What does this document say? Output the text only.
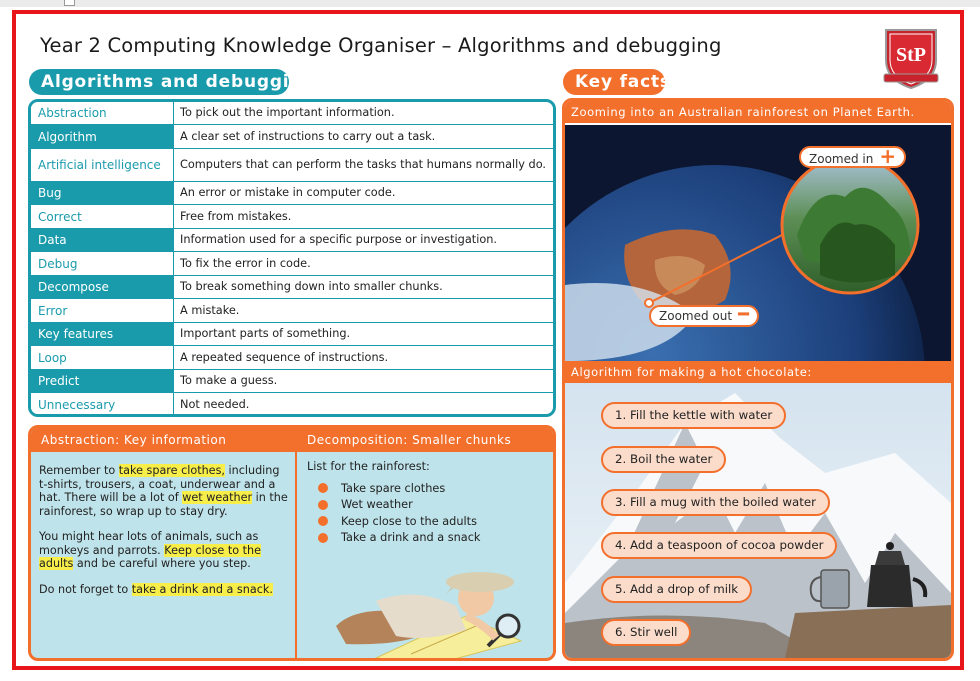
Year 2 Computing Knowledge Organiser – Algorithms and debugging	StP
Algorithms and debugging	Key facts
Abstraction	To pick out the important information.
Algorithm	A clear set of instructions to carry out a task.
Artificial intelligence	Computers that can perform the tasks that humans normally do.
Bug	An error or mistake in computer code.
Correct	Free from mistakes.
Data	Information used for a specific purpose or investigation.
Debug	To fix the error in code.
Decompose	To break something down into smaller chunks.
Error	A mistake.
Key features	Important parts of something.
Loop	A repeated sequence of instructions.
Predict	To make a guess.
Unnecessary	Not needed.
Abstraction: Key information	Decomposition: Smaller chunks

Remember to take spare clothes, including t-shirts, trousers, a coat, underwear and a hat. There will be a lot of wet weather in the rainforest, so wrap up to stay dry.

You might hear lots of animals, such as monkeys and parrots. Keep close to the adults and be careful where you step.

Do not forget to take a drink and a snack.

List for the rainforest:
Take spare clothes
Wet weather
Keep close to the adults
Take a drink and a snack
Zooming into an Australian rainforest on Planet Earth.
Zoomed in +
Zoomed out ━
Algorithm for making a hot chocolate:
1. Fill the kettle with water
2. Boil the water
3. Fill a mug with the boiled water
4. Add a teaspoon of cocoa powder
5. Add a drop of milk
6. Stir well
